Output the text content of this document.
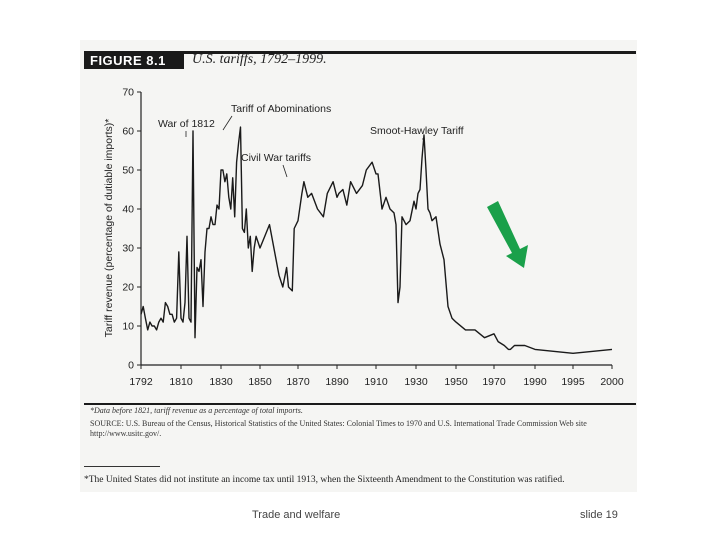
FIGURE 8.1 U.S. tariffs, 1792–1999.
0
10
20
30
40
50
60
70
1792 1810 1830 1850 1870 1890 1910 1930 1950 1970 1990 1995 2000
Tariff revenue (percentage of dutiable imports)*	War of 1812
Tariff of Abominations
Civil War tariffs
Smoot-Hawley Tariff
*Data before 1821, tariff revenue as a percentage of total imports.
SOURCE: U.S. Bureau of the Census, Historical Statistics of the United States: Colonial Times to 1970 and U.S. International Trade Commission Web site http://www.usitc.gov/.
*The United States did not institute an income tax until 1913, when the Sixteenth Amendment to the Constitution was ratified.
Trade and welfare	slide 19
